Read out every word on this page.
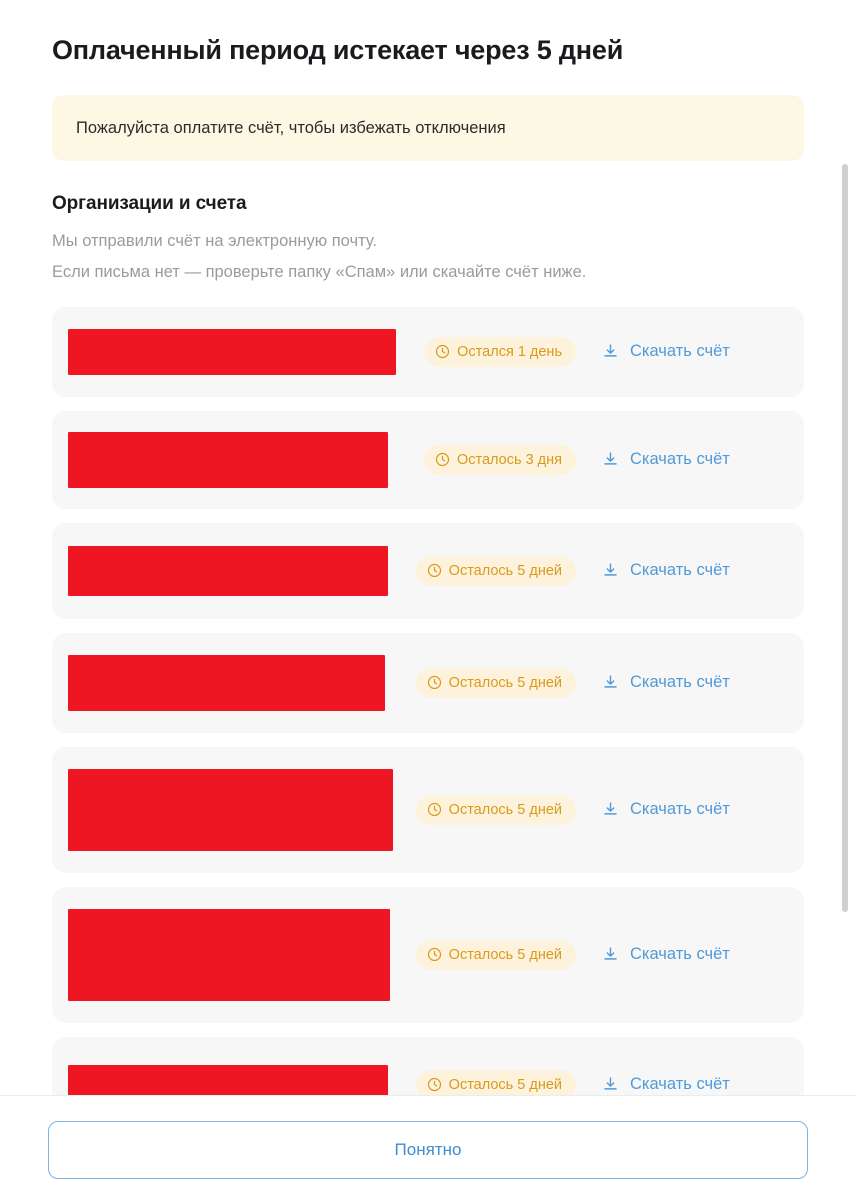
Оплаченный период истекает через 5 дней
Пожалуйста оплатите счёт, чтобы избежать отключения
Организации и счета
Мы отправили счёт на электронную почту.
Если письма нет — проверьте папку «Спам» или скачайте счёт ниже.
Остался 1 день	Скачать счёт
Осталось 3 дня	Скачать счёт
Осталось 5 дней	Скачать счёт
Осталось 5 дней	Скачать счёт
Осталось 5 дней	Скачать счёт
Осталось 5 дней	Скачать счёт
Осталось 5 дней	Скачать счёт
Понятно
